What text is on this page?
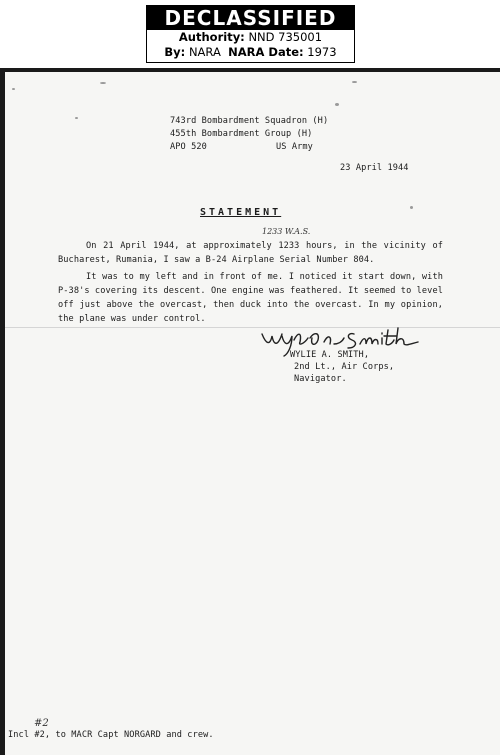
DECLASSIFIED
Authority: NND 735001
By: NARA NARA Date: 1973
743rd Bombardment Squadron (H)
455th Bombardment Group (H)
APO 520	US Army
23 April 1944
STATEMENT
1233 W.A.S.
On 21 April 1944, at approximately 1233 hours, in the vicinity of Bucharest, Rumania, I saw a B-24 Airplane Serial Number 804.
It was to my left and in front of me. I noticed it start down, with P-38's covering its descent. One engine was feathered. It seemed to level off just above the overcast, then duck into the overcast. In my opinion, the plane was under control.
WYLIE A. SMITH,
2nd Lt., Air Corps,
Navigator.
#2
Incl #2, to MACR Capt NORGARD and crew.
